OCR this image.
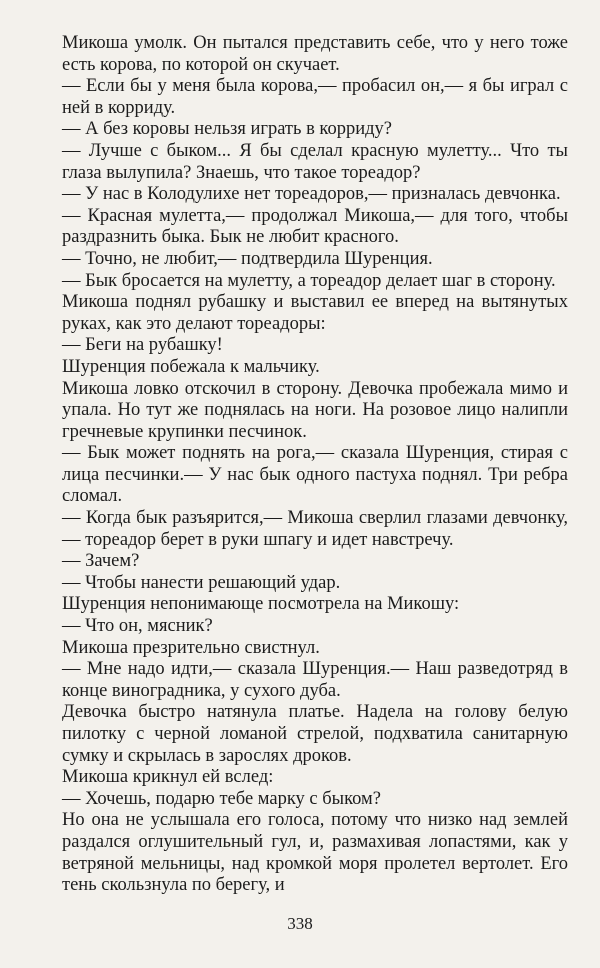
Микоша умолк. Он пытался представить себе, что у него тоже есть корова, по которой он скучает.

— Если бы у меня была корова,— пробасил он,— я бы играл с ней в корриду.

— А без коровы нельзя играть в корриду?

— Лучше с быком... Я бы сделал красную мулетту... Что ты глаза вылупила? Знаешь, что такое тореадор?

— У нас в Колодулихе нет тореадоров,— призналась девчонка.

— Красная мулетта,— продолжал Микоша,— для того, чтобы раздразнить быка. Бык не любит красного.

— Точно, не любит,— подтвердила Шуренция.

— Бык бросается на мулетту, а тореадор делает шаг в сторону.

Микоша поднял рубашку и выставил ее вперед на вытянутых руках, как это делают тореадоры:

— Беги на рубашку!

Шуренция побежала к мальчику.

Микоша ловко отскочил в сторону. Девочка пробежала мимо и упала. Но тут же поднялась на ноги. На розовое лицо налипли гречневые крупинки песчинок.

— Бык может поднять на рога,— сказала Шуренция, стирая с лица песчинки.— У нас бык одного пастуха поднял. Три ребра сломал.

— Когда бык разъярится,— Микоша сверлил глазами девчонку,— тореадор берет в руки шпагу и идет навстречу.

— Зачем?

— Чтобы нанести решающий удар.

Шуренция непонимающе посмотрела на Микошу:

— Что он, мясник?

Микоша презрительно свистнул.

— Мне надо идти,— сказала Шуренция.— Наш разведотряд в конце виноградника, у сухого дуба.

Девочка быстро натянула платье. Надела на голову белую пилотку с черной ломаной стрелой, подхватила санитарную сумку и скрылась в зарослях дроков.

Микоша крикнул ей вслед:

— Хочешь, подарю тебе марку с быком?

Но она не услышала его голоса, потому что низко над землей раздался оглушительный гул, и, размахивая лопастями, как у ветряной мельницы, над кромкой моря пролетел вертолет. Его тень скользнула по берегу, и

338
